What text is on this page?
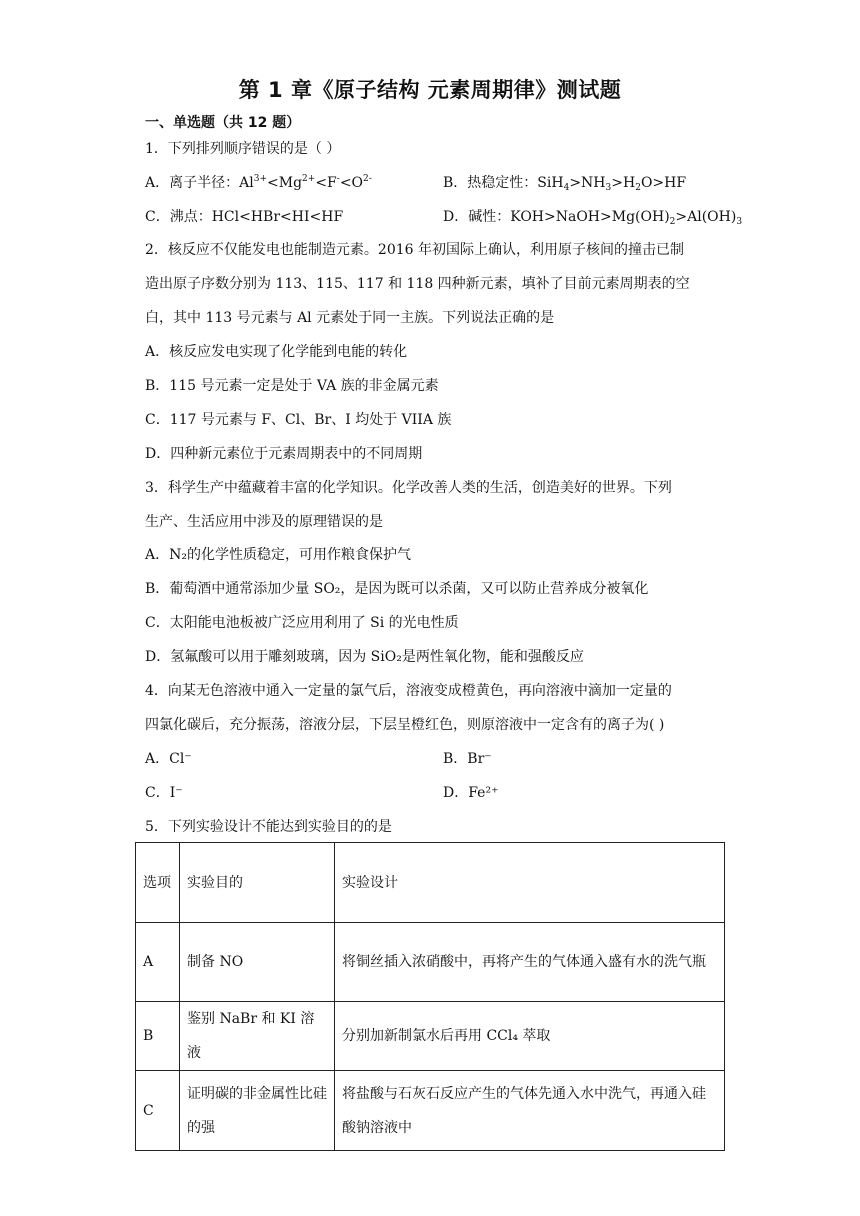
第 1 章《原子结构 元素周期律》测试题
一、单选题（共 12 题）
1．下列排列顺序错误的是（ ）
A．离子半径：$Al^{3+}<Mg^{2+}<F^-<O^{2-}$	B．热稳定性：$SiH_4>NH_3>H_2O>HF$
C．沸点：HCl<HBr<HI<HF	D．碱性：$KOH>NaOH>Mg(OH)_2>Al(OH)_3$
2．核反应不仅能发电也能制造元素。2016 年初国际上确认，利用原子核间的撞击已制
造出原子序数分别为 113、115、117 和 118 四种新元素，填补了目前元素周期表的空
白，其中 113 号元素与 Al 元素处于同一主族。下列说法正确的是
A．核反应发电实现了化学能到电能的转化
B．115 号元素一定是处于 VA 族的非金属元素
C．117 号元素与 F、Cl、Br、I 均处于 VIIA 族
D．四种新元素位于元素周期表中的不同周期
3．科学生产中蕴藏着丰富的化学知识。化学改善人类的生活，创造美好的世界。下列
生产、生活应用中涉及的原理错误的是
A．N₂的化学性质稳定，可用作粮食保护气
B．葡萄酒中通常添加少量 SO₂，是因为既可以杀菌，又可以防止营养成分被氧化
C．太阳能电池板被广泛应用利用了 Si 的光电性质
D．氢氟酸可以用于雕刻玻璃，因为 SiO₂是两性氧化物，能和强酸反应
4．向某无色溶液中通入一定量的氯气后，溶液变成橙黄色，再向溶液中滴加一定量的
四氯化碳后，充分振荡，溶液分层，下层呈橙红色，则原溶液中一定含有的离子为( )
A．Cl⁻	B．Br⁻
C．I⁻	D．Fe²⁺
5．下列实验设计不能达到实验目的的是
选项	实验目的	实验设计
A	制备 NO	将铜丝插入浓硝酸中，再将产生的气体通入盛有水的洗气瓶
B	鉴别 NaBr 和 KI 溶液	分别加新制氯水后再用 CCl₄ 萃取
C	证明碳的非金属性比硅的强	将盐酸与石灰石反应产生的气体先通入水中洗气，再通入硅酸钠溶液中
